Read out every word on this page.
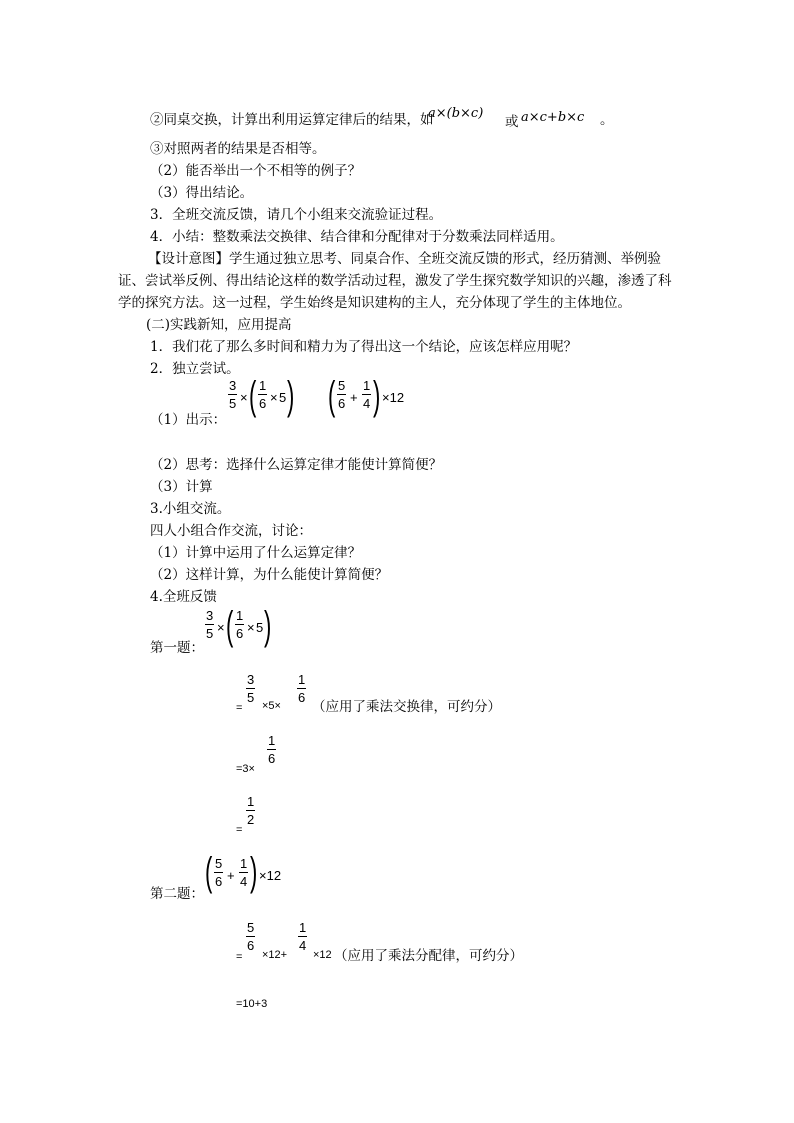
②同桌交换，计算出利用运算定律后的结果，如
a×(b×c)
或 a×c+b×c 。
③对照两者的结果是否相等。
（2）能否举出一个不相等的例子？
（3）得出结论。
3．全班交流反馈，请几个小组来交流验证过程。
4．小结：整数乘法交换律、结合律和分配律对于分数乘法同样适用。
【设计意图】学生通过独立思考、同桌合作、全班交流反馈的形式，经历猜测、举例验证、尝试举反例、得出结论这样的数学活动过程，激发了学生探究数学知识的兴趣，渗透了科学的探究方法。这一过程，学生始终是知识建构的主人，充分体现了学生的主体地位。
(二)实践新知，应用提高
1．我们花了那么多时间和精力为了得出这一个结论，应该怎样应用呢？
2．独立尝试。
（1）出示：
3
5 × ( 1
6 × 5 ) ( 5
6 +
1
4 ) ×12
（2）思考：选择什么运算定律才能使计算简便？
（3）计算
3.小组交流。
四人小组合作交流，讨论：
（1）计算中运用了什么运算定律？
（2）这样计算，为什么能使计算简便？
4.全班反馈
第一题：
3
5 × ( 1
6 × 5 )
=
3
5
×5×
1
6
（应用了乘法交换律，可约分）
=3×
1
6
=
1
2
第二题： ( 5
6 +
1
4 ) ×12
=
5
6
×12+
1
4
×12 （应用了乘法分配律，可约分）
=10+3
